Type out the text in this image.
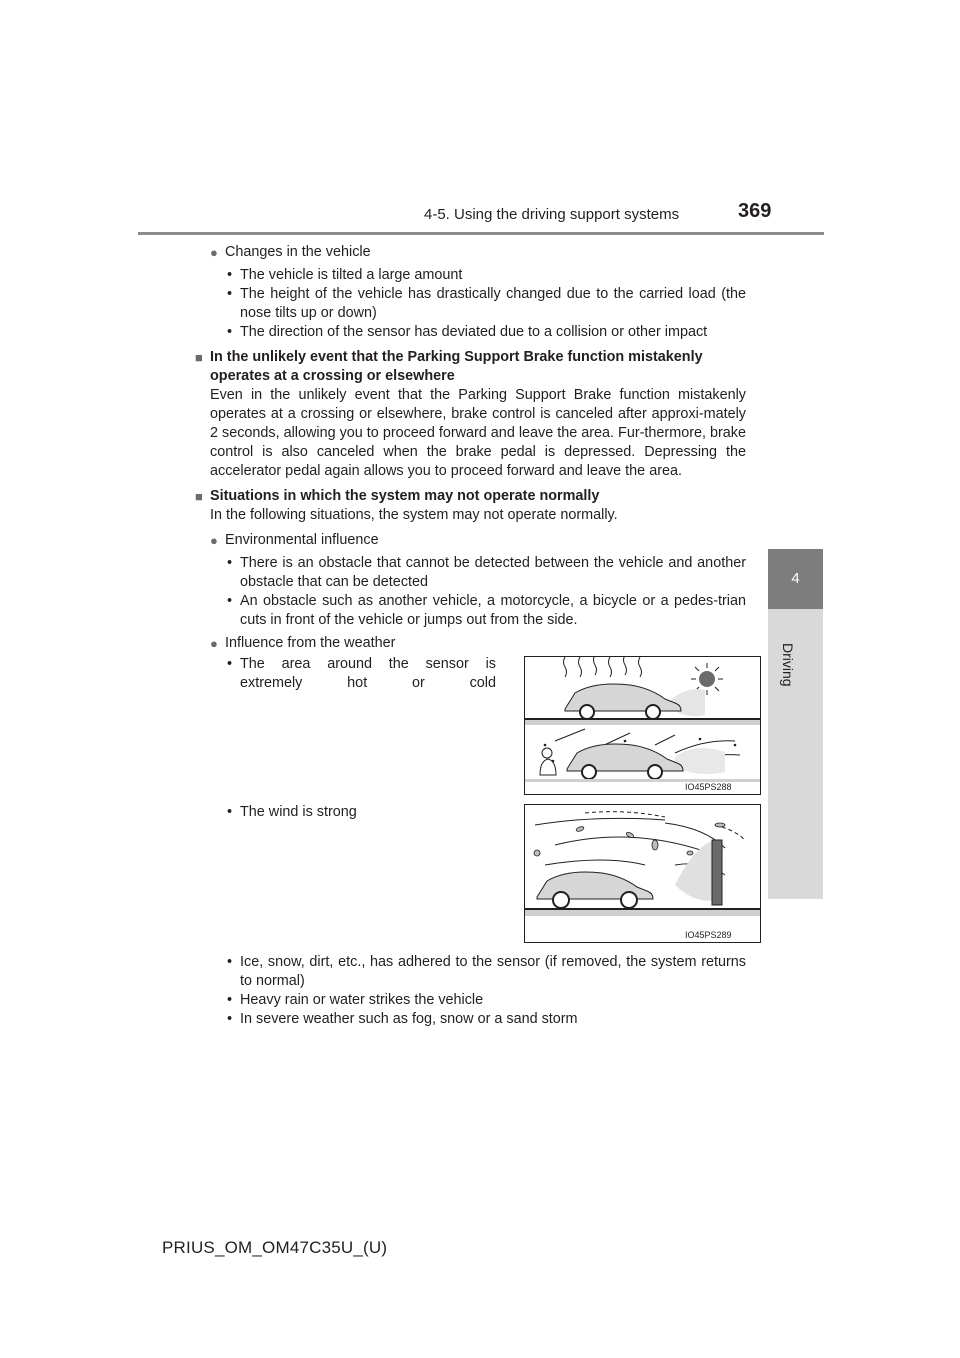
4-5. Using the driving support systems	369
4
Driving
● Changes in the vehicle
• The vehicle is tilted a large amount
• The height of the vehicle has drastically changed due to the carried load (the nose tilts up or down)
• The direction of the sensor has deviated due to a collision or other impact
■ In the unlikely event that the Parking Support Brake function mistakenly operates at a crossing or elsewhere

Even in the unlikely event that the Parking Support Brake function mistakenly operates at a crossing or elsewhere, brake control is canceled after approxi-mately 2 seconds, allowing you to proceed forward and leave the area. Fur-thermore, brake control is also canceled when the brake pedal is depressed. Depressing the accelerator pedal again allows you to proceed forward and leave the area.

■ Situations in which the system may not operate normally

In the following situations, the system may not operate normally.

● Environmental influence
• There is an obstacle that cannot be detected between the vehicle and another obstacle that can be detected
• An obstacle such as another vehicle, a motorcycle, a bicycle or a pedes-trian cuts in front of the vehicle or jumps out from the side.
● Influence from the weather
• The area around the sensor is extremely hot or cold
IO45PS288
• The wind is strong
IO45PS289
• Ice, snow, dirt, etc., has adhered to the sensor (if removed, the system returns to normal)
• Heavy rain or water strikes the vehicle
• In severe weather such as fog, snow or a sand storm
PRIUS_OM_OM47C35U_(U)
